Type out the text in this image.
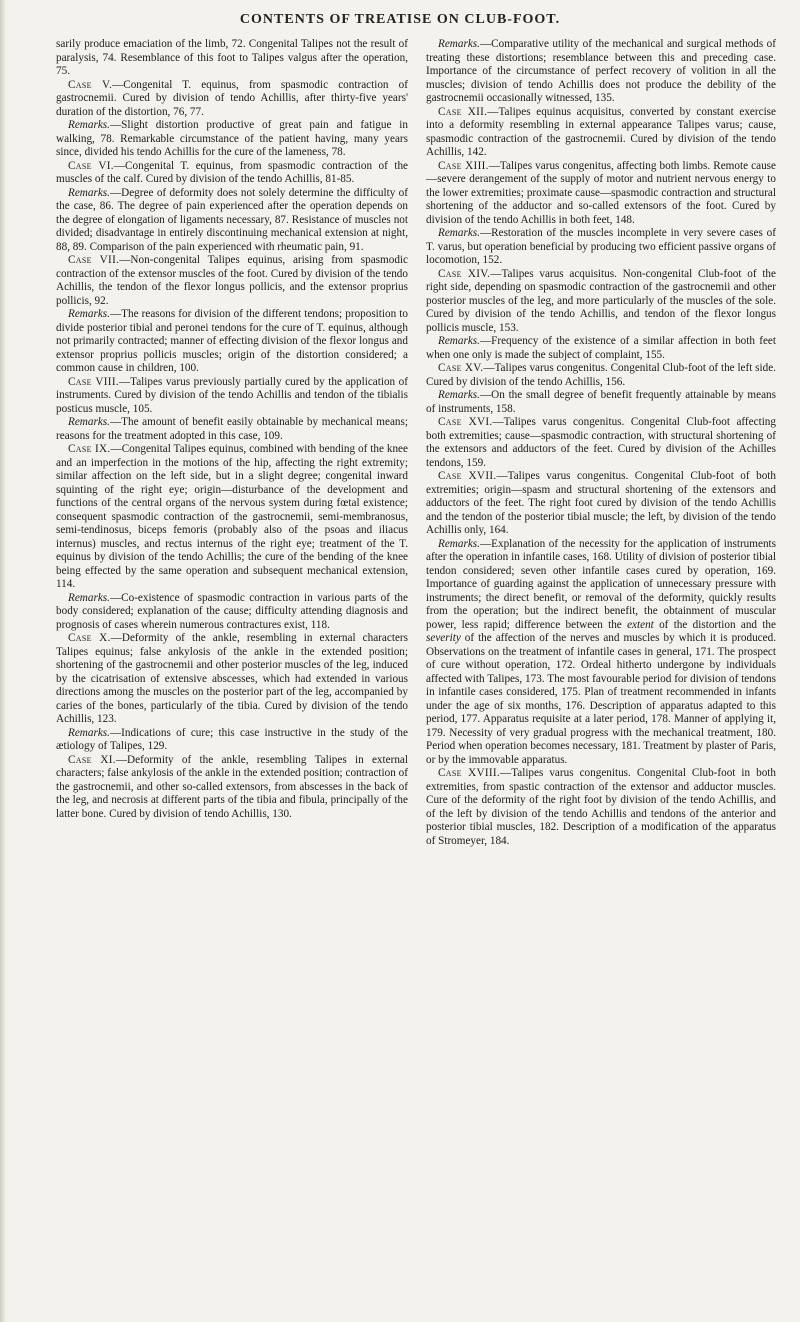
CONTENTS OF TREATISE ON CLUB-FOOT.

sarily produce emaciation of the limb, 72. Congenital Talipes not the result of paralysis, 74. Resemblance of this foot to Talipes valgus after the operation, 75.

Case V.—Congenital T. equinus, from spasmodic contraction of gastrocnemii. Cured by division of tendo Achillis, after thirty-five years' duration of the distortion, 76, 77.

Remarks.—Slight distortion productive of great pain and fatigue in walking, 78. Remarkable circumstance of the patient having, many years since, divided his tendo Achillis for the cure of the lameness, 78.

Case VI.—Congenital T. equinus, from spasmodic contraction of the muscles of the calf. Cured by division of the tendo Achillis, 81-85.

Remarks.—Degree of deformity does not solely determine the difficulty of the case, 86. The degree of pain experienced after the operation depends on the degree of elongation of ligaments necessary, 87. Resistance of muscles not divided; disadvantage in entirely discontinuing mechanical extension at night, 88, 89. Comparison of the pain experienced with rheumatic pain, 91.

Case VII.—Non-congenital Talipes equinus, arising from spasmodic contraction of the extensor muscles of the foot. Cured by division of the tendo Achillis, the tendon of the flexor longus pollicis, and the extensor proprius pollicis, 92.

Remarks.—The reasons for division of the different tendons; proposition to divide posterior tibial and peronei tendons for the cure of T. equinus, although not primarily contracted; manner of effecting division of the flexor longus and extensor proprius pollicis muscles; origin of the distortion considered; a common cause in children, 100.

Case VIII.—Talipes varus previously partially cured by the application of instruments. Cured by division of the tendo Achillis and tendon of the tibialis posticus muscle, 105.

Remarks.—The amount of benefit easily obtainable by mechanical means; reasons for the treatment adopted in this case, 109.

Case IX.—Congenital Talipes equinus, combined with bending of the knee and an imperfection in the motions of the hip, affecting the right extremity; similar affection on the left side, but in a slight degree; congenital inward squinting of the right eye; origin—disturbance of the development and functions of the central organs of the nervous system during fœtal existence; consequent spasmodic contraction of the gastrocnemii, semi-membranosus, semi-tendinosus, biceps femoris (probably also of the psoas and iliacus internus) muscles, and rectus internus of the right eye; treatment of the T. equinus by division of the tendo Achillis; the cure of the bending of the knee being effected by the same operation and subsequent mechanical extension, 114.

Remarks.—Co-existence of spasmodic contraction in various parts of the body considered; explanation of the cause; difficulty attending diagnosis and prognosis of cases wherein numerous contractures exist, 118.

Case X.—Deformity of the ankle, resembling in external characters Talipes equinus; false ankylosis of the ankle in the extended position; shortening of the gastrocnemii and other posterior muscles of the leg, induced by the cicatrisation of extensive abscesses, which had extended in various directions among the muscles on the posterior part of the leg, accompanied by caries of the bones, particularly of the tibia. Cured by division of the tendo Achillis, 123.

Remarks.—Indications of cure; this case instructive in the study of the ætiology of Talipes, 129.

Case XI.—Deformity of the ankle, resembling Talipes in external characters; false ankylosis of the ankle in the extended position; contraction of the gastrocnemii, and other so-called extensors, from abscesses in the back of the leg, and necrosis at different parts of the tibia and fibula, principally of the latter bone. Cured by division of tendo Achillis, 130.

Remarks.—Comparative utility of the mechanical and surgical methods of treating these distortions; resemblance between this and preceding case. Importance of the circumstance of perfect recovery of volition in all the muscles; division of tendo Achillis does not produce the debility of the gastrocnemii occasionally witnessed, 135.

Case XII.—Talipes equinus acquisitus, converted by constant exercise into a deformity resembling in external appearance Talipes varus; cause, spasmodic contraction of the gastrocnemii. Cured by division of the tendo Achillis, 142.

Case XIII.—Talipes varus congenitus, affecting both limbs. Remote cause—severe derangement of the supply of motor and nutrient nervous energy to the lower extremities; proximate cause—spasmodic contraction and structural shortening of the adductor and so-called extensors of the foot. Cured by division of the tendo Achillis in both feet, 148.

Remarks.—Restoration of the muscles incomplete in very severe cases of T. varus, but operation beneficial by producing two efficient passive organs of locomotion, 152.

Case XIV.—Talipes varus acquisitus. Non-congenital Club-foot of the right side, depending on spasmodic contraction of the gastrocnemii and other posterior muscles of the leg, and more particularly of the muscles of the sole. Cured by division of the tendo Achillis, and tendon of the flexor longus pollicis muscle, 153.

Remarks.—Frequency of the existence of a similar affection in both feet when one only is made the subject of complaint, 155.

Case XV.—Talipes varus congenitus. Congenital Club-foot of the left side. Cured by division of the tendo Achillis, 156.

Remarks.—On the small degree of benefit frequently attainable by means of instruments, 158.

Case XVI.—Talipes varus congenitus. Congenital Club-foot affecting both extremities; cause—spasmodic contraction, with structural shortening of the extensors and adductors of the feet. Cured by division of the Achilles tendons, 159.

Case XVII.—Talipes varus congenitus. Congenital Club-foot of both extremities; origin—spasm and structural shortening of the extensors and adductors of the feet. The right foot cured by division of the tendo Achillis and the tendon of the posterior tibial muscle; the left, by division of the tendo Achillis only, 164.

Remarks.—Explanation of the necessity for the application of instruments after the operation in infantile cases, 168. Utility of division of posterior tibial tendon considered; seven other infantile cases cured by operation, 169. Importance of guarding against the application of unnecessary pressure with instruments; the direct benefit, or removal of the deformity, quickly results from the operation; but the indirect benefit, the obtainment of muscular power, less rapid; difference between the extent of the distortion and the severity of the affection of the nerves and muscles by which it is produced. Observations on the treatment of infantile cases in general, 171. The prospect of cure without operation, 172. Ordeal hitherto undergone by individuals affected with Talipes, 173. The most favourable period for division of tendons in infantile cases considered, 175. Plan of treatment recommended in infants under the age of six months, 176. Description of apparatus adapted to this period, 177. Apparatus requisite at a later period, 178. Manner of applying it, 179. Necessity of very gradual progress with the mechanical treatment, 180. Period when operation becomes necessary, 181. Treatment by plaster of Paris, or by the immovable apparatus.

Case XVIII.—Talipes varus congenitus. Congenital Club-foot in both extremities, from spastic contraction of the extensor and adductor muscles. Cure of the deformity of the right foot by division of the tendo Achillis, and of the left by division of the tendo Achillis and tendons of the anterior and posterior tibial muscles, 182. Description of a modification of the apparatus of Stromeyer, 184.
